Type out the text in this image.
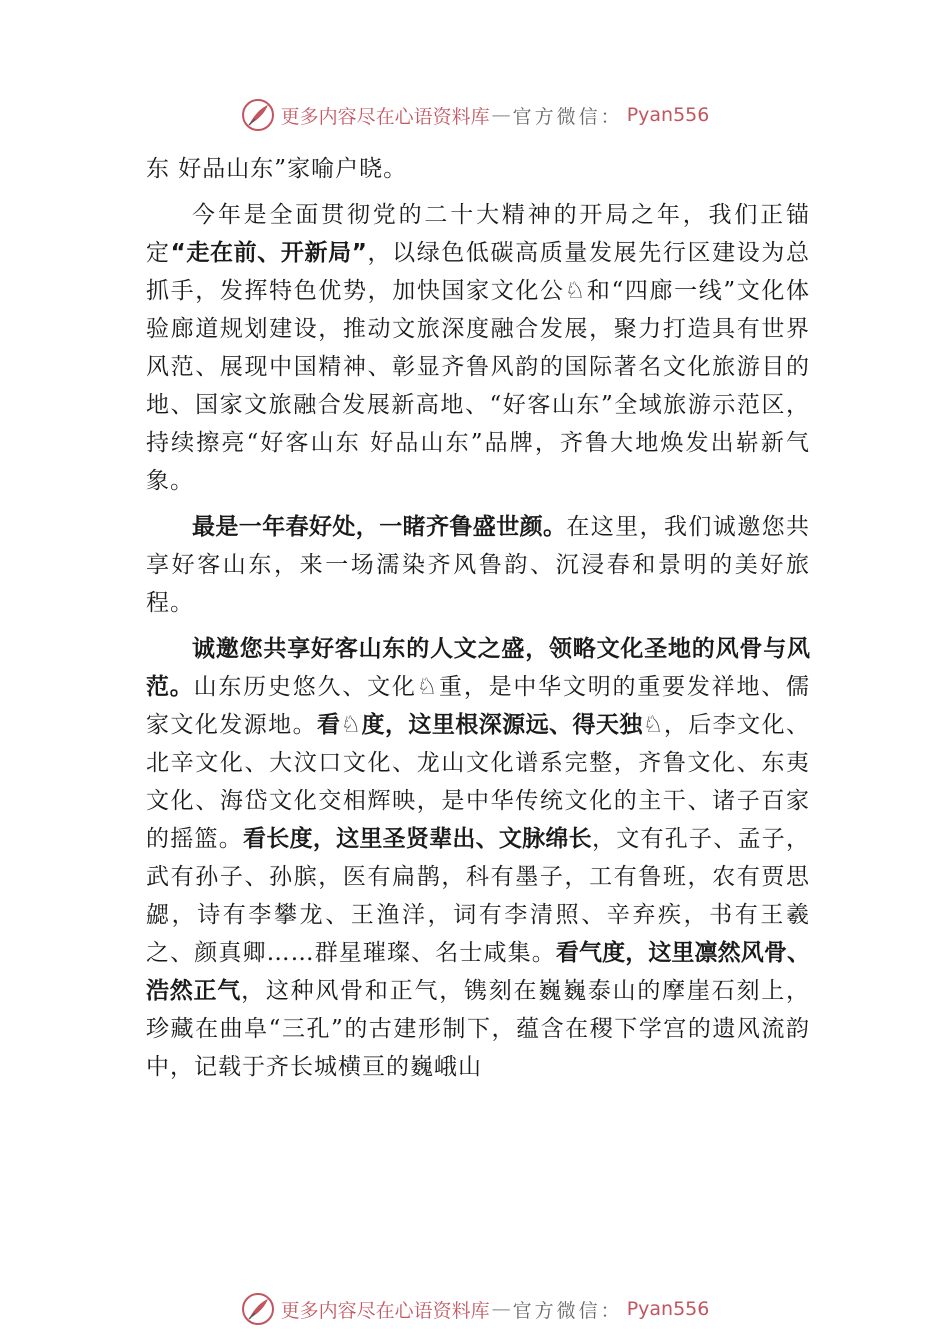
更多内容尽在心语资料库 — 官方微信： Pyan556

东 好品山东”家喻户晓。

今年是全面贯彻党的二十大精神的开局之年，我们正锚定“走在前、开新局”，以绿色低碳高质量发展先行区建设为总抓手，发挥特色优势，加快国家文化公♘和“四廊一线”文化体验廊道规划建设，推动文旅深度融合发展，聚力打造具有世界风范、展现中国精神、彰显齐鲁风韵的国际著名文化旅游目的地、国家文旅融合发展新高地、“好客山东”全域旅游示范区，持续擦亮“好客山东 好品山东”品牌，齐鲁大地焕发出崭新气象。

最是一年春好处，一睹齐鲁盛世颜。在这里，我们诚邀您共享好客山东，来一场濡染齐风鲁韵、沉浸春和景明的美好旅程。

诚邀您共享好客山东的人文之盛，领略文化圣地的风骨与风范。山东历史悠久、文化♘重，是中华文明的重要发祥地、儒家文化发源地。看♘度，这里根深源远、得天独♘，后李文化、北辛文化、大汶口文化、龙山文化谱系完整，齐鲁文化、东夷文化、海岱文化交相辉映，是中华传统文化的主干、诸子百家的摇篮。看长度，这里圣贤辈出、文脉绵长，文有孔子、孟子，武有孙子、孙膑，医有扁鹊，科有墨子，工有鲁班，农有贾思勰，诗有李攀龙、王渔洋，词有李清照、辛弃疾，书有王羲之、颜真卿……群星璀璨、名士咸集。看气度，这里凛然风骨、浩然正气，这种风骨和正气，镌刻在巍巍泰山的摩崖石刻上，珍藏在曲阜“三孔”的古建形制下，蕴含在稷下学宫的遗风流韵中，记载于齐长城横亘的巍峨山

更多内容尽在心语资料库 — 官方微信： Pyan556
